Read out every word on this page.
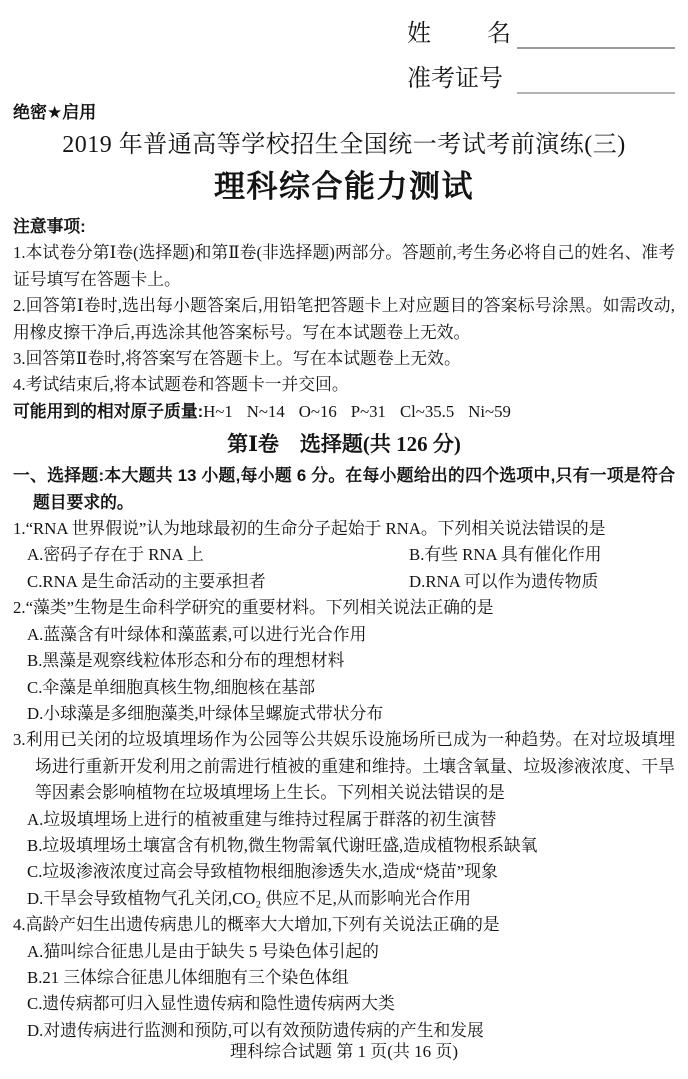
姓 名
准考证号
绝密★启用
2019 年普通高等学校招生全国统一考试考前演练(三)
理科综合能力测试
注意事项:

1.本试卷分第Ⅰ卷(选择题)和第Ⅱ卷(非选择题)两部分。答题前,考生务必将自己的姓名、准考证号填写在答题卡上。

2.回答第Ⅰ卷时,选出每小题答案后,用铅笔把答题卡上对应题目的答案标号涂黑。如需改动,用橡皮擦干净后,再选涂其他答案标号。写在本试题卷上无效。

3.回答第Ⅱ卷时,将答案写在答题卡上。写在本试题卷上无效。

4.考试结束后,将本试题卷和答题卡一并交回。

可能用到的相对原子质量:H~1 N~14 O~16 P~31 Cl~35.5 Ni~59

第Ⅰ卷　选择题(共 126 分)

一、选择题:本大题共 13 小题,每小题 6 分。在每小题给出的四个选项中,只有一项是符合题目要求的。

1.“RNA 世界假说”认为地球最初的生命分子起始于 RNA。下列相关说法错误的是

A.密码子存在于 RNA 上	B.有些 RNA 具有催化作用

C.RNA 是生命活动的主要承担者	D.RNA 可以作为遗传物质

2.“藻类”生物是生命科学研究的重要材料。下列相关说法正确的是

A.蓝藻含有叶绿体和藻蓝素,可以进行光合作用

B.黑藻是观察线粒体形态和分布的理想材料

C.伞藻是单细胞真核生物,细胞核在基部

D.小球藻是多细胞藻类,叶绿体呈螺旋式带状分布

3.利用已关闭的垃圾填埋场作为公园等公共娱乐设施场所已成为一种趋势。在对垃圾填埋场进行重新开发利用之前需进行植被的重建和维持。土壤含氧量、垃圾渗液浓度、干旱等因素会影响植物在垃圾填埋场上生长。下列相关说法错误的是

A.垃圾填埋场上进行的植被重建与维持过程属于群落的初生演替

B.垃圾填埋场土壤富含有机物,微生物需氧代谢旺盛,造成植物根系缺氧

C.垃圾渗液浓度过高会导致植物根细胞渗透失水,造成“烧苗”现象

D.干旱会导致植物气孔关闭,CO₂ 供应不足,从而影响光合作用

4.高龄产妇生出遗传病患儿的概率大大增加,下列有关说法正确的是

A.猫叫综合征患儿是由于缺失 5 号染色体引起的

B.21 三体综合征患儿体细胞有三个染色体组

C.遗传病都可归入显性遗传病和隐性遗传病两大类

D.对遗传病进行监测和预防,可以有效预防遗传病的产生和发展

理科综合试题 第 1 页(共 16 页)
